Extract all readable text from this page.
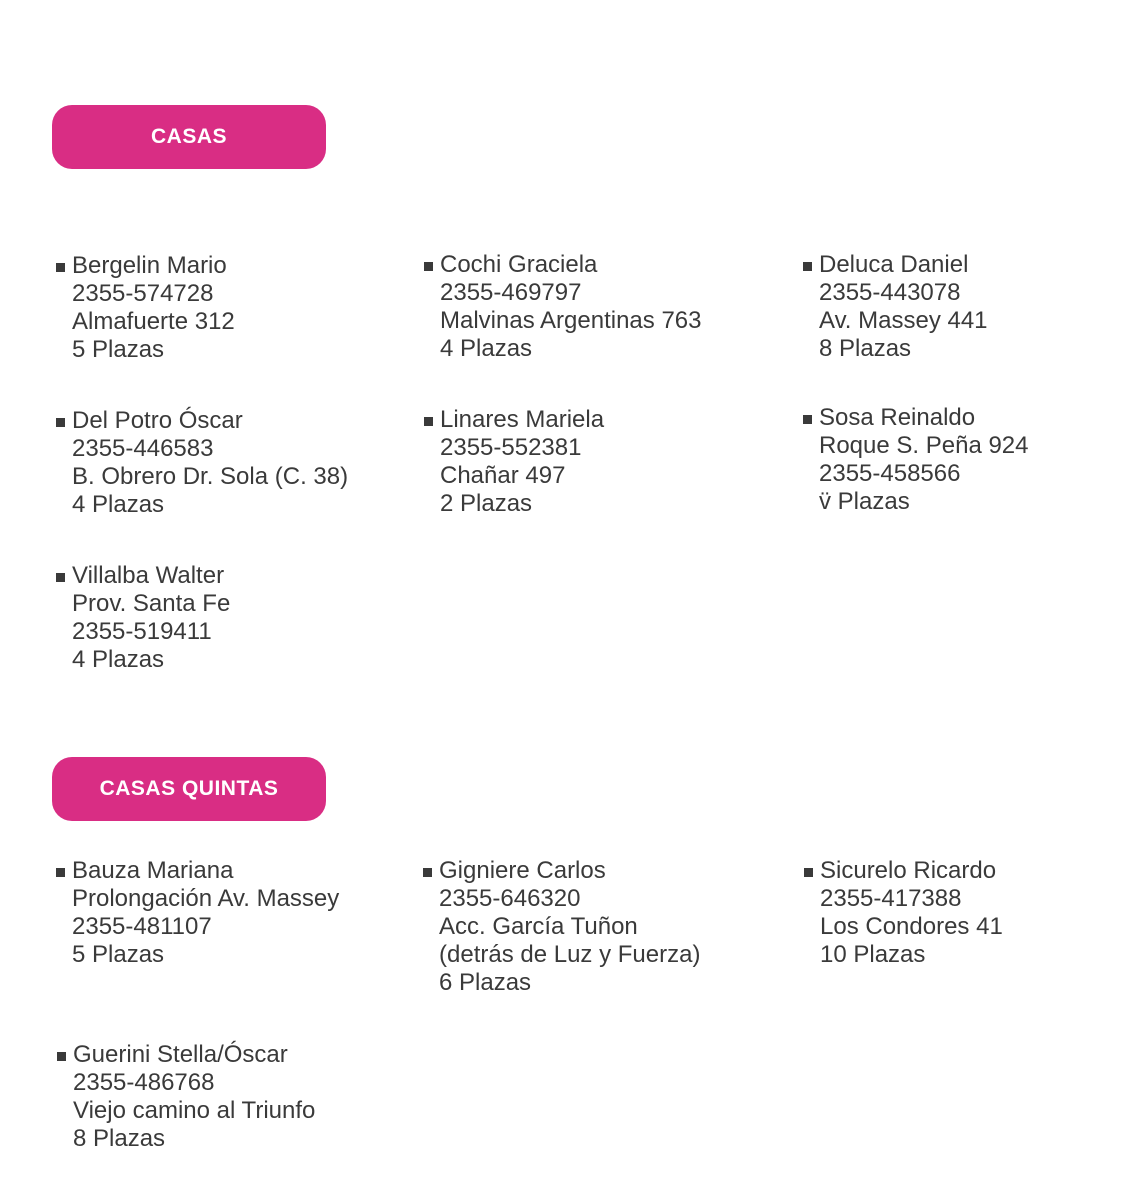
CASAS
Bergelin Mario
2355-574728
Almafuerte 312
5 Plazas
Cochi Graciela
2355-469797
Malvinas Argentinas 763
4 Plazas
Deluca Daniel
2355-443078
Av. Massey 441
8 Plazas
Del Potro Óscar
2355-446583
B. Obrero Dr. Sola (C. 38)
4 Plazas
Linares Mariela
2355-552381
Chañar 497
2 Plazas
Sosa Reinaldo
Roque S. Peña 924
2355-458566
v̈ Plazas
Villalba Walter
Prov. Santa Fe
2355-519411
4 Plazas
CASAS QUINTAS
Bauza Mariana
Prolongación Av. Massey
2355-481107
5 Plazas
Gigniere Carlos
2355-646320
Acc. García Tuñon
(detrás de Luz y Fuerza)
6 Plazas
Sicurelo Ricardo
2355-417388
Los Condores 41
10 Plazas
Guerini Stella/Óscar
2355-486768
Viejo camino al Triunfo
8 Plazas
